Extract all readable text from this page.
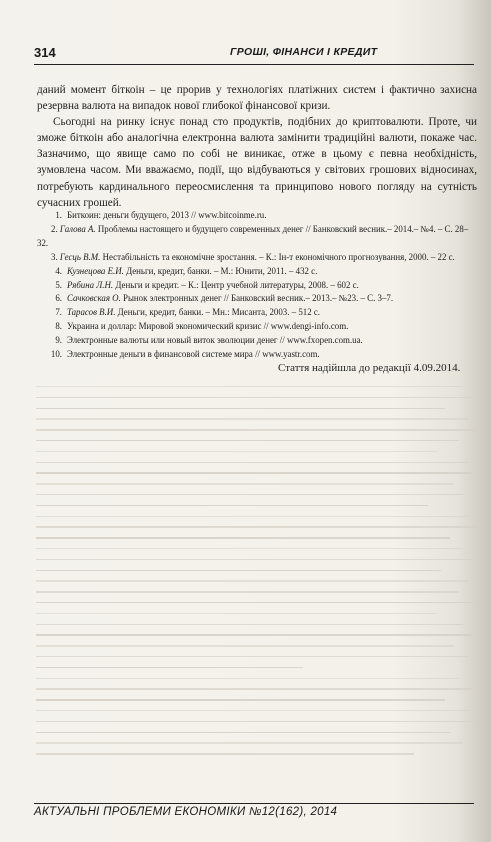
314	ГРОШІ, ФІНАНСИ І КРЕДИТ

даний момент біткоін – це прорив у технологіях платіжних систем і фактично захисна резервна валюта на випадок нової глибокої фінансової кризи.

Сьогодні на ринку існує понад сто продуктів, подібних до криптовалюти. Проте, чи зможе біткоін або аналогічна електронна валюта замінити традиційні валюти, покаже час. Зазначимо, що явище само по собі не виникає, отже в цьому є певна необхідність, зумовлена часом. Ми вважаємо, події, що відбуваються у світових грошових відносинах, потребують кардинального переосмислення та принципово нового погляду на сутність сучасних грошей.

1. Биткоин: деньги будущего, 2013 // www.bitcoinme.ru.
2. Галова А. Проблемы настоящего и будущего современных денег // Банковский весник.– 2014.– №4. – С. 28–32.
3. Гесць В.М. Нестабільність та економічне зростання. – К.: Ін-т економічного прогнозування, 2000. – 22 с.
4. Кузнецова Е.И. Деньги, кредит, банки. – М.: Юнити, 2011. – 432 с.
5. Рябина Л.Н. Деньги и кредит. – К.: Центр учебной литературы, 2008. – 602 с.
6. Сачковская О. Рынок электронных денег // Банковский весник.– 2013.– №23. – С. 3–7.
7. Тарасов В.И. Деньги, кредит, банки. – Мн.: Мисанта, 2003. – 512 с.
8. Украина и доллар: Мировой экономический кризис // www.dengi-info.com.
9. Электронные валюты или новый виток эволюции денег // www.fxopen.com.ua.
10. Электронные деньги в финансовой системе мира // www.yastr.com.
Стаття надійшла до редакції 4.09.2014.
АКТУАЛЬНІ ПРОБЛЕМИ ЕКОНОМІКИ №12(162), 2014
